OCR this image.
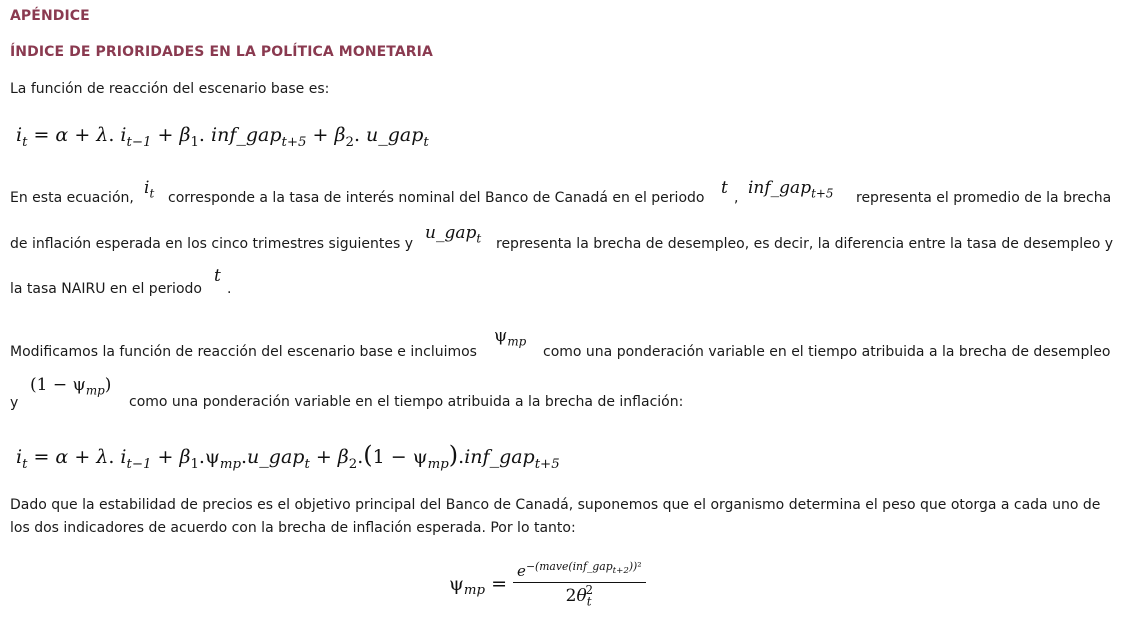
APÉNDICE
ÍNDICE DE PRIORIDADES EN LA POLÍTICA MONETARIA
La función de reacción del escenario base es:
$i_t = \alpha + \lambda$. $i_{t-1} + \beta_1$. inf_gap$_{t+5}$ + $\beta_2$. u_gap$_t$
En esta ecuación, $i_t$ corresponde a la tasa de interés nominal del Banco de Canadá en el periodo t , inf_gap$_{t+5}$ representa el promedio de la brecha
de inflación esperada en los cinco trimestres siguientes y
u_gap$_t$ representa la brecha de desempleo, es decir, la diferencia entre la tasa de desempleo y
la tasa NAIRU en el periodo
t
.
Modificamos la función de reacción del escenario base e incluimos
$\psi_{mp}$
como una ponderación variable en el tiempo atribuida a la brecha de desempleo
y
$(1 - \psi_{mp})$
como una ponderación variable en el tiempo atribuida a la brecha de inflación:
$i_t = \alpha + \lambda$. $i_{t-1}$ + $\beta_1.\psi_{mp}.u\_gap_t + \beta_2.(1$ − $\psi_{mp}).inf\_gap_{t+5}$
Dado que la estabilidad de precios es el objetivo principal del Banco de Canadá, suponemos que el organismo determina el peso que otorga a cada uno de
los dos indicadores de acuerdo con la brecha de inflación esperada. Por lo tanto:
$\psi_{mp} = \frac{e^{-(mave(inf\_gap_{t+2}))^2}}{2\theta_t^2}$
